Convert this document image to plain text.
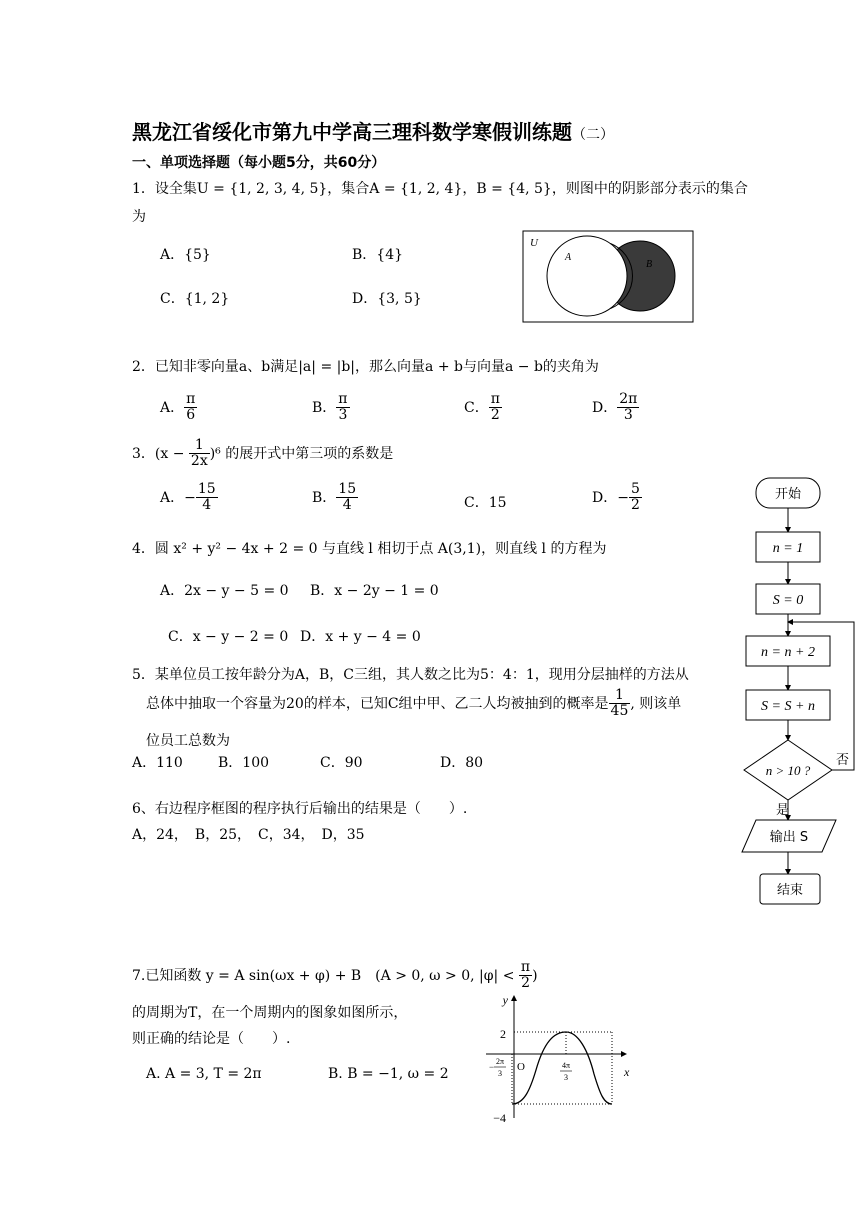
黑龙江省绥化市第九中学高三理科数学寒假训练题（二）
一、单项选择题（每小题5分，共60分）
1．设全集U = {1, 2, 3, 4, 5}，集合A = {1, 2, 4}，B = {4, 5}，则图中的阴影部分表示的集合
为
A．{5}	B．{4}
C．{1, 2}	D．{3, 5}
U
A
B
2．已知非零向量a、b满足|a| = |b|，那么向量a + b与向量a − b的夹角为
A． $\frac{\pi}{6}$	B． $\frac{\pi}{3}$	C． $\frac{\pi}{2}$	D． $\frac{2\pi}{3}$
3．$(x - \frac{1}{2x} )^6$ 的展开式中第三项的系数是
A．− $\frac{15}{4}$	B． $\frac{15}{4}$	C．15	D．− $\frac{5}{2}$
4．圆 x² + y² − 4x + 2 = 0 与直线 l 相切于点 A(3,1)，则直线 l 的方程为
A．2x − y − 5 = 0 B．x − 2y − 1 = 0
C．x − y − 2 = 0 D．x + y − 4 = 0
5．某单位员工按年龄分为A，B，C三组，其人数之比为5：4：1，现用分层抽样的方法从
总体中抽取一个容量为20的样本，已知C组中甲、乙二人均被抽到的概率是 $\frac{1}{45}$ , 则该单
位员工总数为
A．110	B．100	C．90	D．80
6、右边程序框图的程序执行后输出的结果是（　　）.
A，24，　B，25，　C，34，　D，35
开始
n = 1
S = 0
n = n + 2
S = S + n
n > 10 ?
否
是
输出 S
结束
7.已知函数 y = A sin(ωx + φ) + B　(A > 0, ω > 0, $|\varphi| < \frac{\pi}{2}$ )
的周期为T，在一个周期内的图象如图所示，
则正确的结论是（　　）.
A. A = 3, T = 2π	B. B = −1, ω = 2
y
x
O
2
−4
2π
3
−	4π
3
